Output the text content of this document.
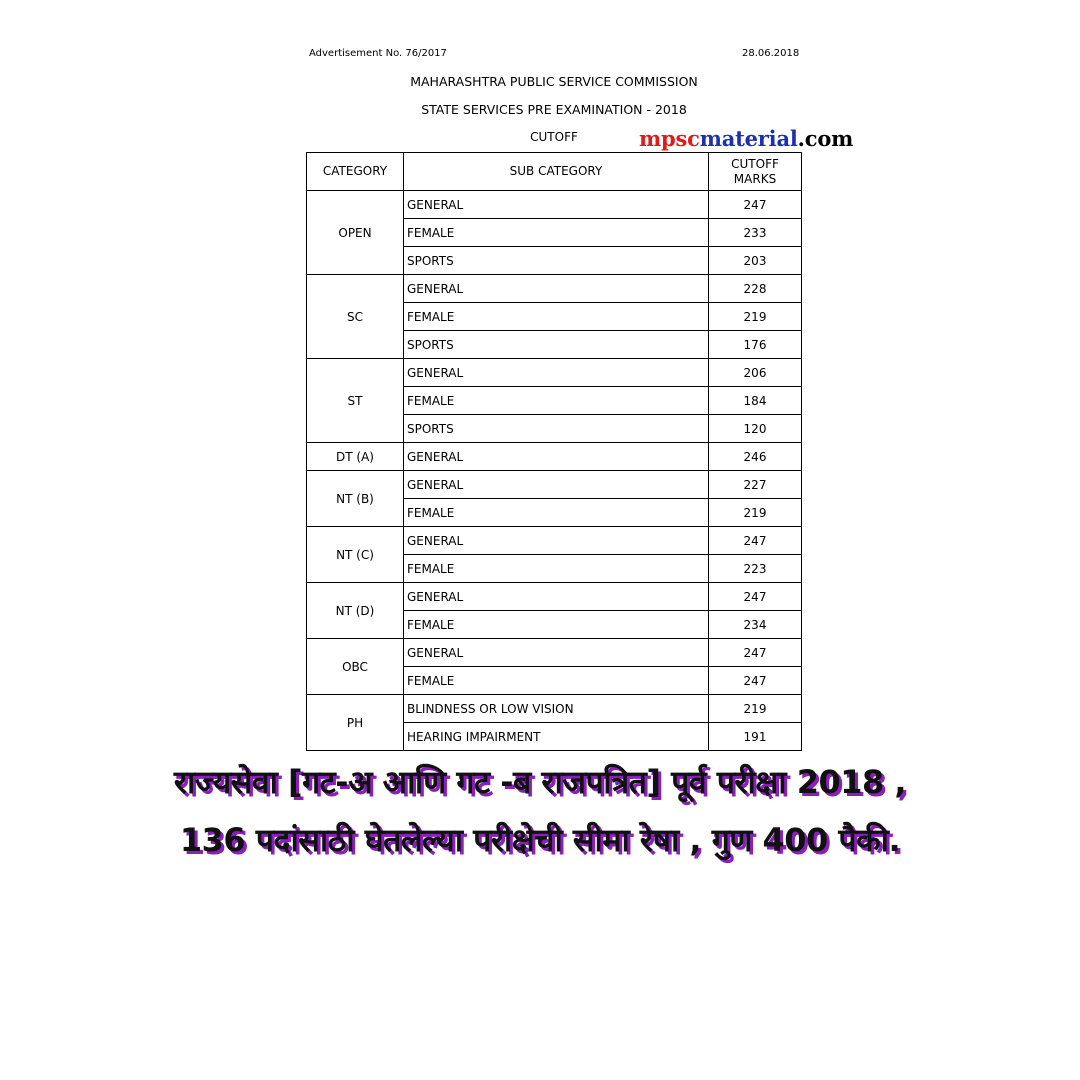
Advertisement No. 76/2017	28.06.2018
MAHARASHTRA PUBLIC SERVICE COMMISSION
STATE SERVICES PRE EXAMINATION - 2018
CUTOFF	mpscmaterial.com
CATEGORY	SUB CATEGORY	CUTOFF MARKS
OPEN	GENERAL	247
	FEMALE	233
	SPORTS	203
SC	GENERAL	228
	FEMALE	219
	SPORTS	176
ST	GENERAL	206
	FEMALE	184
	SPORTS	120
DT (A)	GENERAL	246
NT (B)	GENERAL	227
	FEMALE	219
NT (C)	GENERAL	247
	FEMALE	223
NT (D)	GENERAL	247
	FEMALE	234
OBC	GENERAL	247
	FEMALE	247
PH	BLINDNESS OR LOW VISION	219
	HEARING IMPAIRMENT	191
राज्यसेवा [गट-अ आणि गट -ब राजपत्रित] पूर्व परीक्षा 2018 ,
136 पदांसाठी घेतलेल्या परीक्षेची सीमा रेषा , गुण 400 पैकी.
